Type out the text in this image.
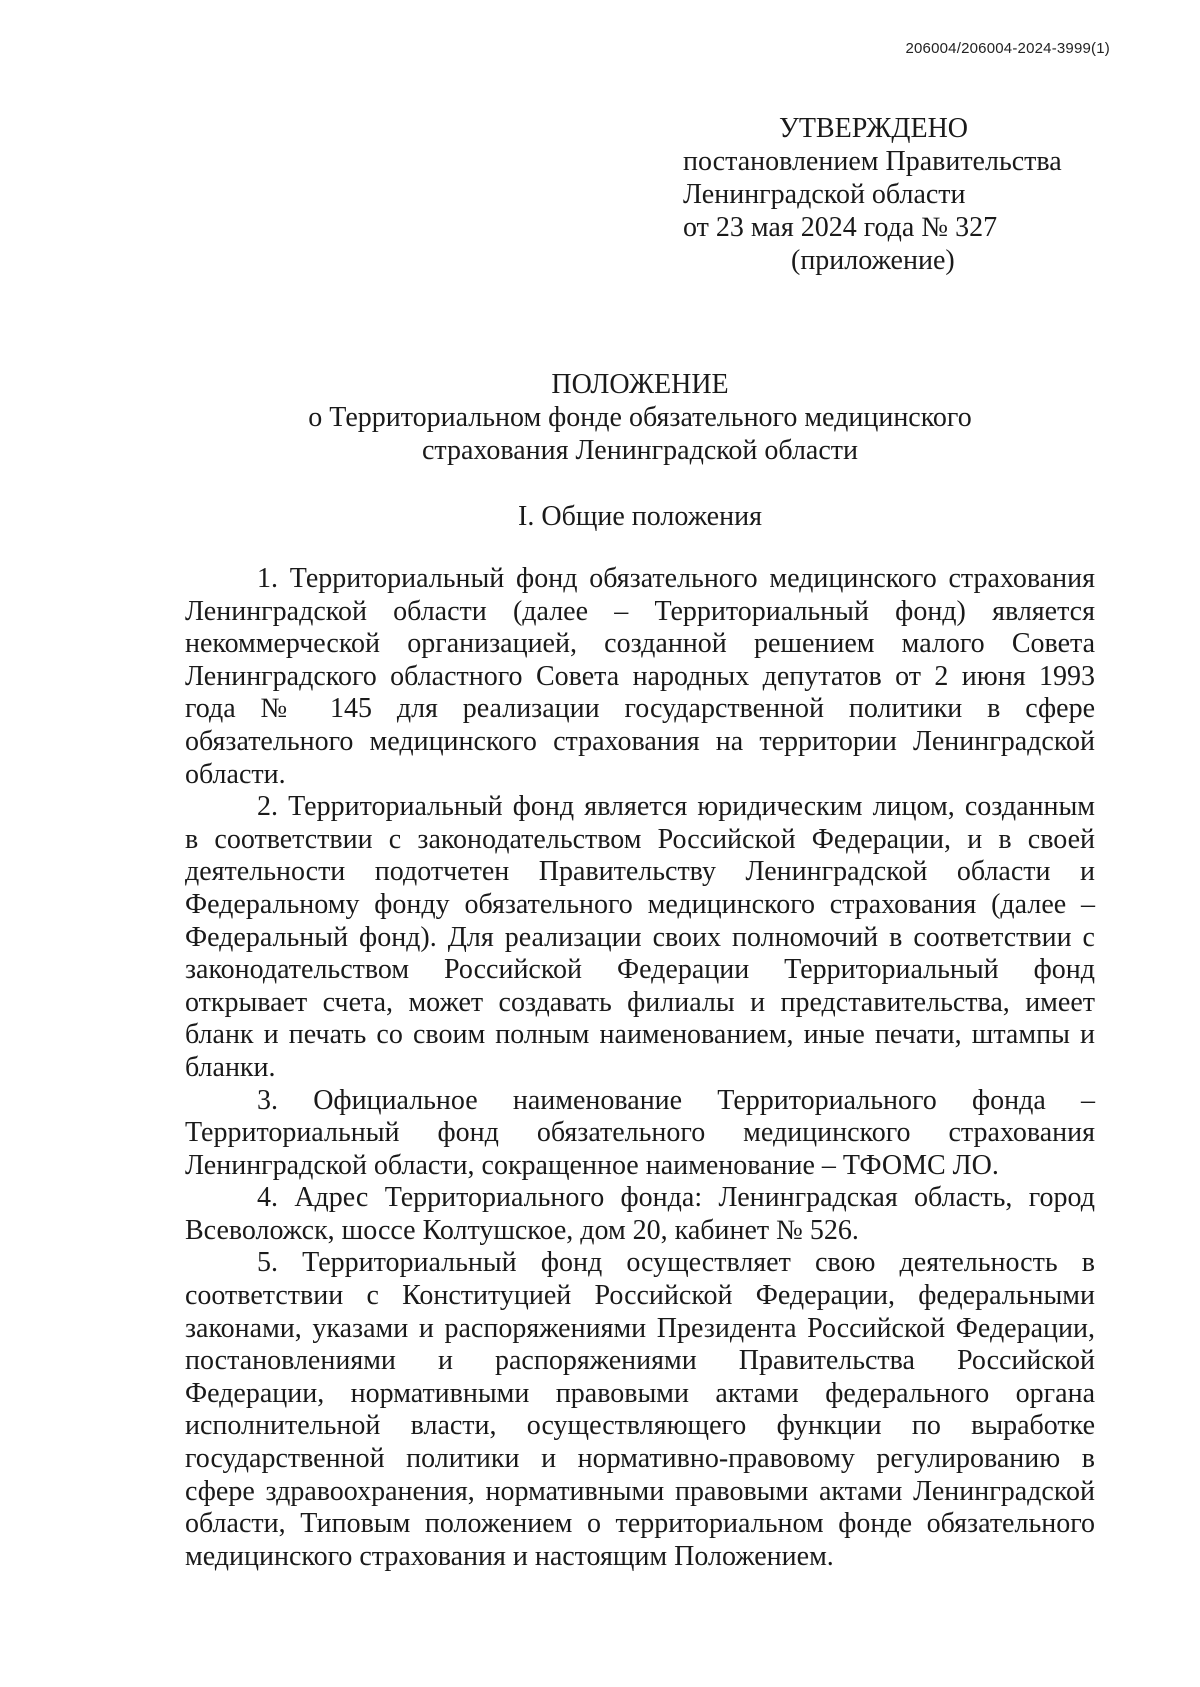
206004/206004-2024-3999(1)
УТВЕРЖДЕНО
постановлением Правительства
Ленинградской области
от 23 мая 2024 года № 327
(приложение)
ПОЛОЖЕНИЕ
о Территориальном фонде обязательного медицинского
страхования Ленинградской области
I. Общие положения

1. Территориальный фонд обязательного медицинского страхования Ленинградской области (далее – Территориальный фонд) является некоммерческой организацией, созданной решением малого Совета Ленинградского областного Совета народных депутатов от 2 июня 1993 года № 145 для реализации государственной политики в сфере обязательного медицинского страхования на территории Ленинградской области.

2. Территориальный фонд является юридическим лицом, созданным в соответствии с законодательством Российской Федерации, и в своей деятельности подотчетен Правительству Ленинградской области и Федеральному фонду обязательного медицинского страхования (далее – Федеральный фонд). Для реализации своих полномочий в соответствии с законодательством Российской Федерации Территориальный фонд открывает счета, может создавать филиалы и представительства, имеет бланк и печать со своим полным наименованием, иные печати, штампы и бланки.

3. Официальное наименование Территориального фонда – Территориальный фонд обязательного медицинского страхования Ленинградской области, сокращенное наименование – ТФОМС ЛО.

4. Адрес Территориального фонда: Ленинградская область, город Всеволожск, шоссе Колтушское, дом 20, кабинет № 526.

5. Территориальный фонд осуществляет свою деятельность в соответствии с Конституцией Российской Федерации, федеральными законами, указами и распоряжениями Президента Российской Федерации, постановлениями и распоряжениями Правительства Российской Федерации, нормативными правовыми актами федерального органа исполнительной власти, осуществляющего функции по выработке государственной политики и нормативно-правовому регулированию в сфере здравоохранения, нормативными правовыми актами Ленинградской области, Типовым положением о территориальном фонде обязательного медицинского страхования и настоящим Положением.
